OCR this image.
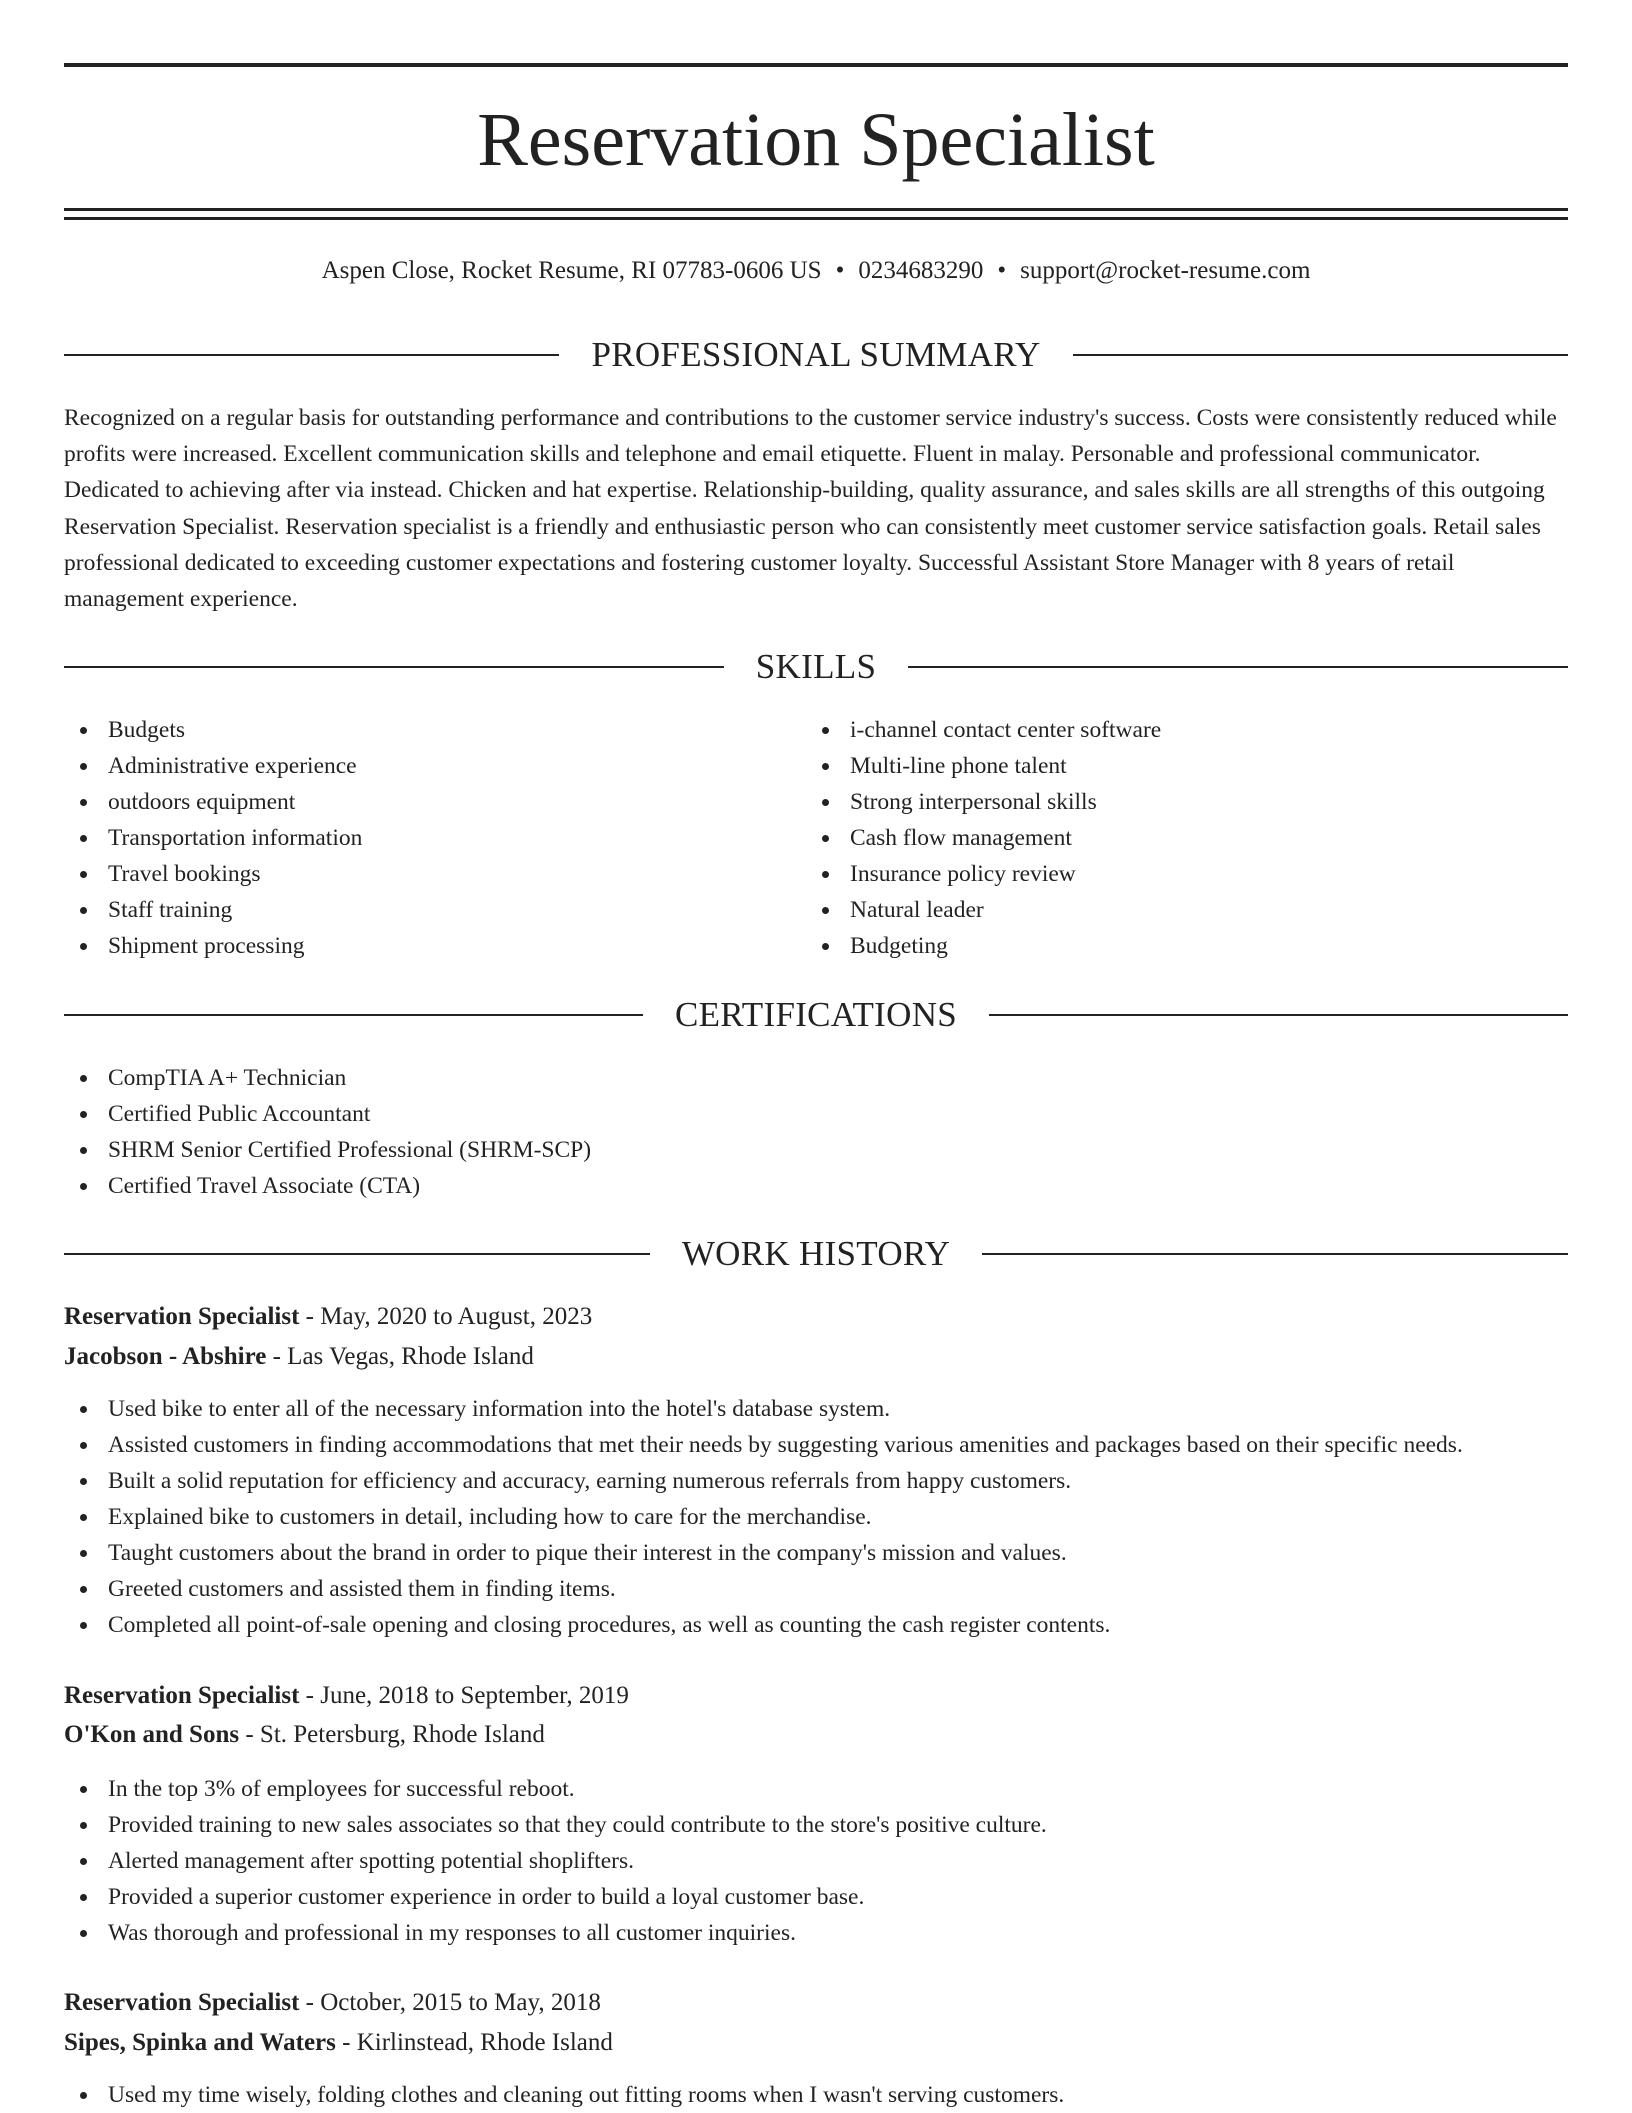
Reservation Specialist
Aspen Close, Rocket Resume, RI 07783-0606 US • 0234683290 • support@rocket-resume.com
PROFESSIONAL SUMMARY

Recognized on a regular basis for outstanding performance and contributions to the customer service industry's success. Costs were consistently reduced while profits were increased. Excellent communication skills and telephone and email etiquette. Fluent in malay. Personable and professional communicator. Dedicated to achieving after via instead. Chicken and hat expertise. Relationship-building, quality assurance, and sales skills are all strengths of this outgoing Reservation Specialist. Reservation specialist is a friendly and enthusiastic person who can consistently meet customer service satisfaction goals. Retail sales professional dedicated to exceeding customer expectations and fostering customer loyalty. Successful Assistant Store Manager with 8 years of retail management experience.

SKILLS
Budgets
Administrative experience
outdoors equipment
Transportation information
Travel bookings
Staff training
Shipment processing
i-channel contact center software
Multi-line phone talent
Strong interpersonal skills
Cash flow management
Insurance policy review
Natural leader
Budgeting
CERTIFICATIONS
CompTIA A+ Technician
Certified Public Accountant
SHRM Senior Certified Professional (SHRM-SCP)
Certified Travel Associate (CTA)
WORK HISTORY
Reservation Specialist - May, 2020 to August, 2023
Jacobson - Abshire - Las Vegas, Rhode Island
Used bike to enter all of the necessary information into the hotel's database system.
Assisted customers in finding accommodations that met their needs by suggesting various amenities and packages based on their specific needs.
Built a solid reputation for efficiency and accuracy, earning numerous referrals from happy customers.
Explained bike to customers in detail, including how to care for the merchandise.
Taught customers about the brand in order to pique their interest in the company's mission and values.
Greeted customers and assisted them in finding items.
Completed all point-of-sale opening and closing procedures, as well as counting the cash register contents.
Reservation Specialist - June, 2018 to September, 2019
O'Kon and Sons - St. Petersburg, Rhode Island
In the top 3% of employees for successful reboot.
Provided training to new sales associates so that they could contribute to the store's positive culture.
Alerted management after spotting potential shoplifters.
Provided a superior customer experience in order to build a loyal customer base.
Was thorough and professional in my responses to all customer inquiries.
Reservation Specialist - October, 2015 to May, 2018
Sipes, Spinka and Waters - Kirlinstead, Rhode Island
Used my time wisely, folding clothes and cleaning out fitting rooms when I wasn't serving customers.
